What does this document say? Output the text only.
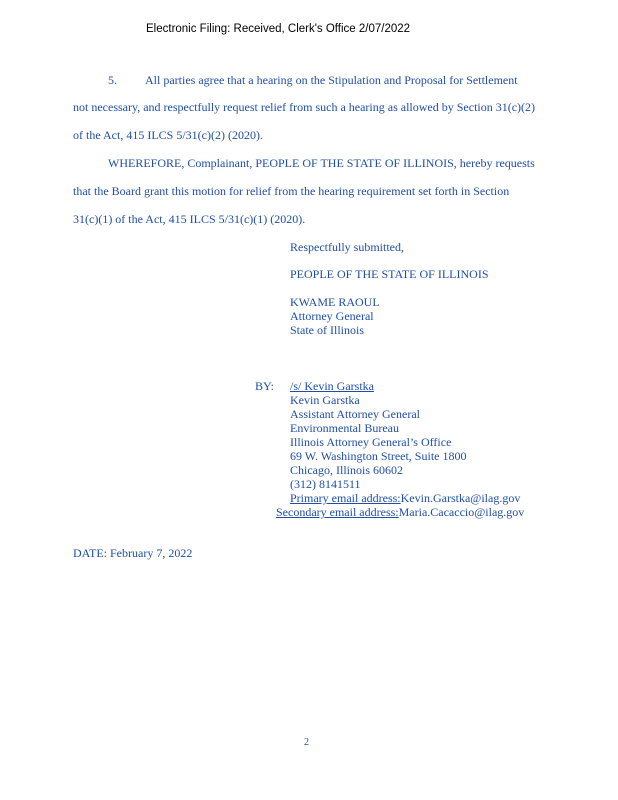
Electronic Filing: Received, Clerk's Office 2/07/2022
5. All parties agree that a hearing on the Stipulation and Proposal for Settlement
not necessary, and respectfully request relief from such a hearing as allowed by Section 31(c)(2)
of the Act, 415 ILCS 5/31(c)(2) (2020).
WHEREFORE, Complainant, PEOPLE OF THE STATE OF ILLINOIS, hereby requests
that the Board grant this motion for relief from the hearing requirement set forth in Section
31(c)(1) of the Act, 415 ILCS 5/31(c)(1) (2020).
Respectfully submitted,
PEOPLE OF THE STATE OF ILLINOIS
KWAME RAOUL
Attorney General
State of Illinois
BY: /s/ Kevin Garstka
Kevin Garstka
Assistant Attorney General
Environmental Bureau
Illinois Attorney General’s Office
69 W. Washington Street, Suite 1800
Chicago, Illinois 60602
(312) 8141511
Primary email address:Kevin.Garstka@ilag.gov
Secondary email address:Maria.Cacaccio@ilag.gov
DATE: February 7, 2022
2
